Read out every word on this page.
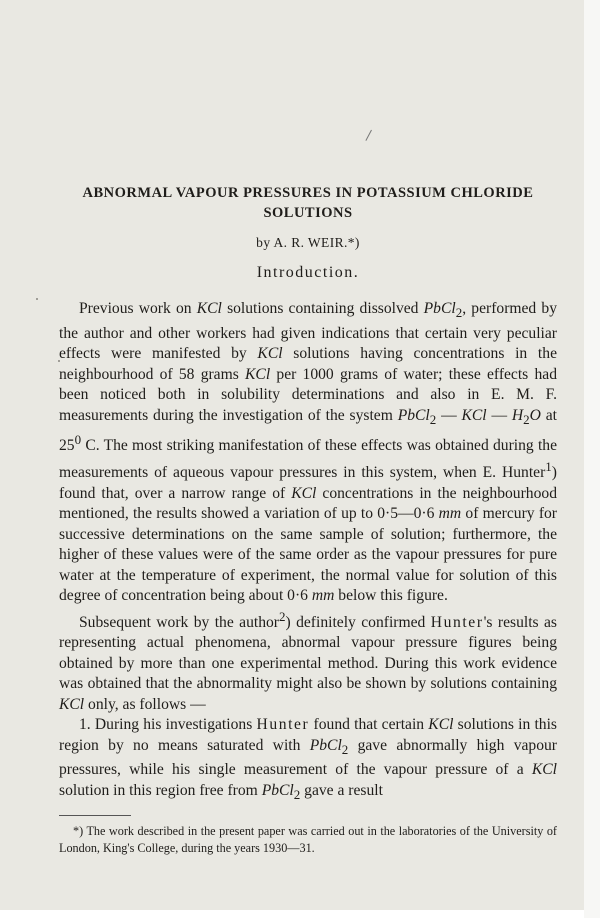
ABNORMAL VAPOUR PRESSURES IN POTASSIUM CHLORIDE SOLUTIONS

by A. R. WEIR.*)

Introduction.

Previous work on KCl solutions containing dissolved PbCl$_2$, performed by the author and other workers had given indications that certain very peculiar effects were manifested by KCl solutions having concentrations in the neighbourhood of 58 grams KCl per 1000 grams of water; these effects had been noticed both in solubility determinations and also in E. M. F. measurements during the investigation of the system PbCl$_2$ — KCl — $H_2O$ at $25^0$ C. The most striking manifestation of these effects was obtained during the measurements of aqueous vapour pressures in this system, when E. Hunter$^1$) found that, over a narrow range of KCl concentrations in the neighbourhood mentioned, the results showed a variation of up to 0·5—0·6 mm of mercury for successive determinations on the same sample of solution; furthermore, the higher of these values were of the same order as the vapour pressures for pure water at the temperature of experiment, the normal value for solution of this degree of concentration being about 0·6 mm below this figure.

Subsequent work by the author$^2$) definitely confirmed Hunter's results as representing actual phenomena, abnormal vapour pressure figures being obtained by more than one experimental method. During this work evidence was obtained that the abnormality might also be shown by solutions containing KCl only, as follows —

1. During his investigations Hunter found that certain KCl solutions in this region by no means saturated with PbCl$_2$ gave abnormally high vapour pressures, while his single measurement of the vapour pressure of a KCl solution in this region free from PbCl$_2$ gave a result

*) The work described in the present paper was carried out in the laboratories of the University of London, King's College, during the years 1930—31.
